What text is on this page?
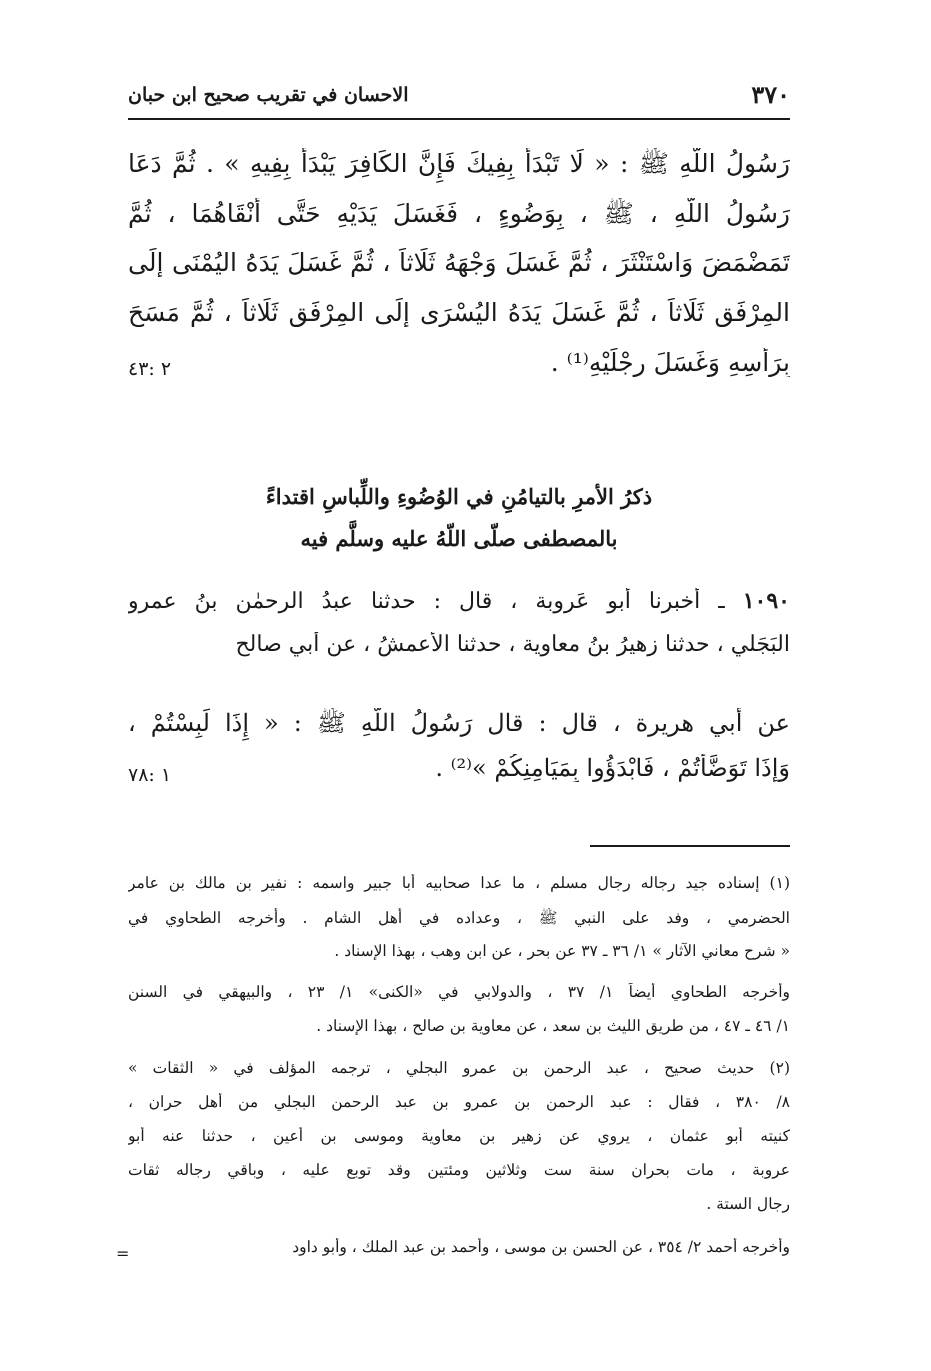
٣٧٠
الاحسان في تقريب صحيح ابن حبان
رَسُولُ اللَّهِ ﷺ : « لَا تَبْدَأْ بِفِيكَ فَإِنَّ الكَافِرَ يَبْدَأُ بِفِيهِ » . ثُمَّ دَعَا
رَسُولُ اللَّهِ ، ﷺ ، بِوَضُوءٍ ، فَغَسَلَ يَدَيْهِ حَتَّى أَنْقَاهُمَا ، ثُمَّ
تَمَضْمَضَ وَاسْتَنْثَرَ ، ثُمَّ غَسَلَ وَجْهَهُ ثَلَاثاً ، ثُمَّ غَسَلَ يَدَهُ اليُمْنَى إِلَى
المِرْفَقِ ثَلَاثاً ، ثُمَّ غَسَلَ يَدَهُ اليُسْرَى إِلَى المِرْفَقِ ثَلَاثاً ، ثُمَّ مَسَحَ
بِرَأْسِهِ وَغَسَلَ رِجْلَيْهِ⁽¹⁾ .
٢ :٤٣
ذكرُ الأمرِ بالتيامُنِ في الوُضُوءِ واللِّباسِ اقتداءً
بالمصطفى صلّى اللّهُ عليه وسلَّم فيه
١٠٩٠ ـ أخبرنا أبو عَروبة ، قال : حدثنا عبدُ الرحمٰن بنُ عمرو
البَجَلي ، حدثنا زهيرُ بنُ معاوية ، حدثنا الأعمشُ ، عن أبي صالح
عن أبي هريرة ، قال : قال رَسُولُ اللَّهِ ﷺ : « إِذَا لَبِسْتُمْ ،
وَإِذَا تَوَضَّأْتُمْ ، فَابْدَؤُوا بِمَيَامِنِكُمْ »⁽²⁾ .
١ :٧٨
(١) إسناده جيد رجاله رجال مسلم ، ما عدا صحابيه أبا جبير واسمه : نفير بن مالك بن عامر
الحضرمي ، وفد على النبي ﷺ ، وعداده في أهل الشام . وأخرجه الطحاوي في
« شرح معاني الآثار » ١/ ٣٦ ـ ٣٧ عن بحر ، عن ابن وهب ، بهذا الإسناد .
وأخرجه الطحاوي أيضاً ١/ ٣٧ ، والدولابي في «الكنى» ١/ ٢٣ ، والبيهقي في السنن
١/ ٤٦ ـ ٤٧ ، من طريق الليث بن سعد ، عن معاوية بن صالح ، بهذا الإسناد .
(٢) حديث صحيح ، عبد الرحمن بن عمرو البجلي ، ترجمه المؤلف في « الثقات »
٨/ ٣٨٠ ، فقال : عبد الرحمن بن عمرو بن عبد الرحمن البجلي من أهل حران ،
كنيته أبو عثمان ، يروي عن زهير بن معاوية وموسى بن أعين ، حدثنا عنه أبو
عروبة ، مات بحران سنة ست وثلاثين ومئتين وقد توبع عليه ، وباقي رجاله ثقات
رجال الستة .
وأخرجه أحمد ٢/ ٣٥٤ ، عن الحسن بن موسى ، وأحمد بن عبد الملك ، وأبو داود
=
